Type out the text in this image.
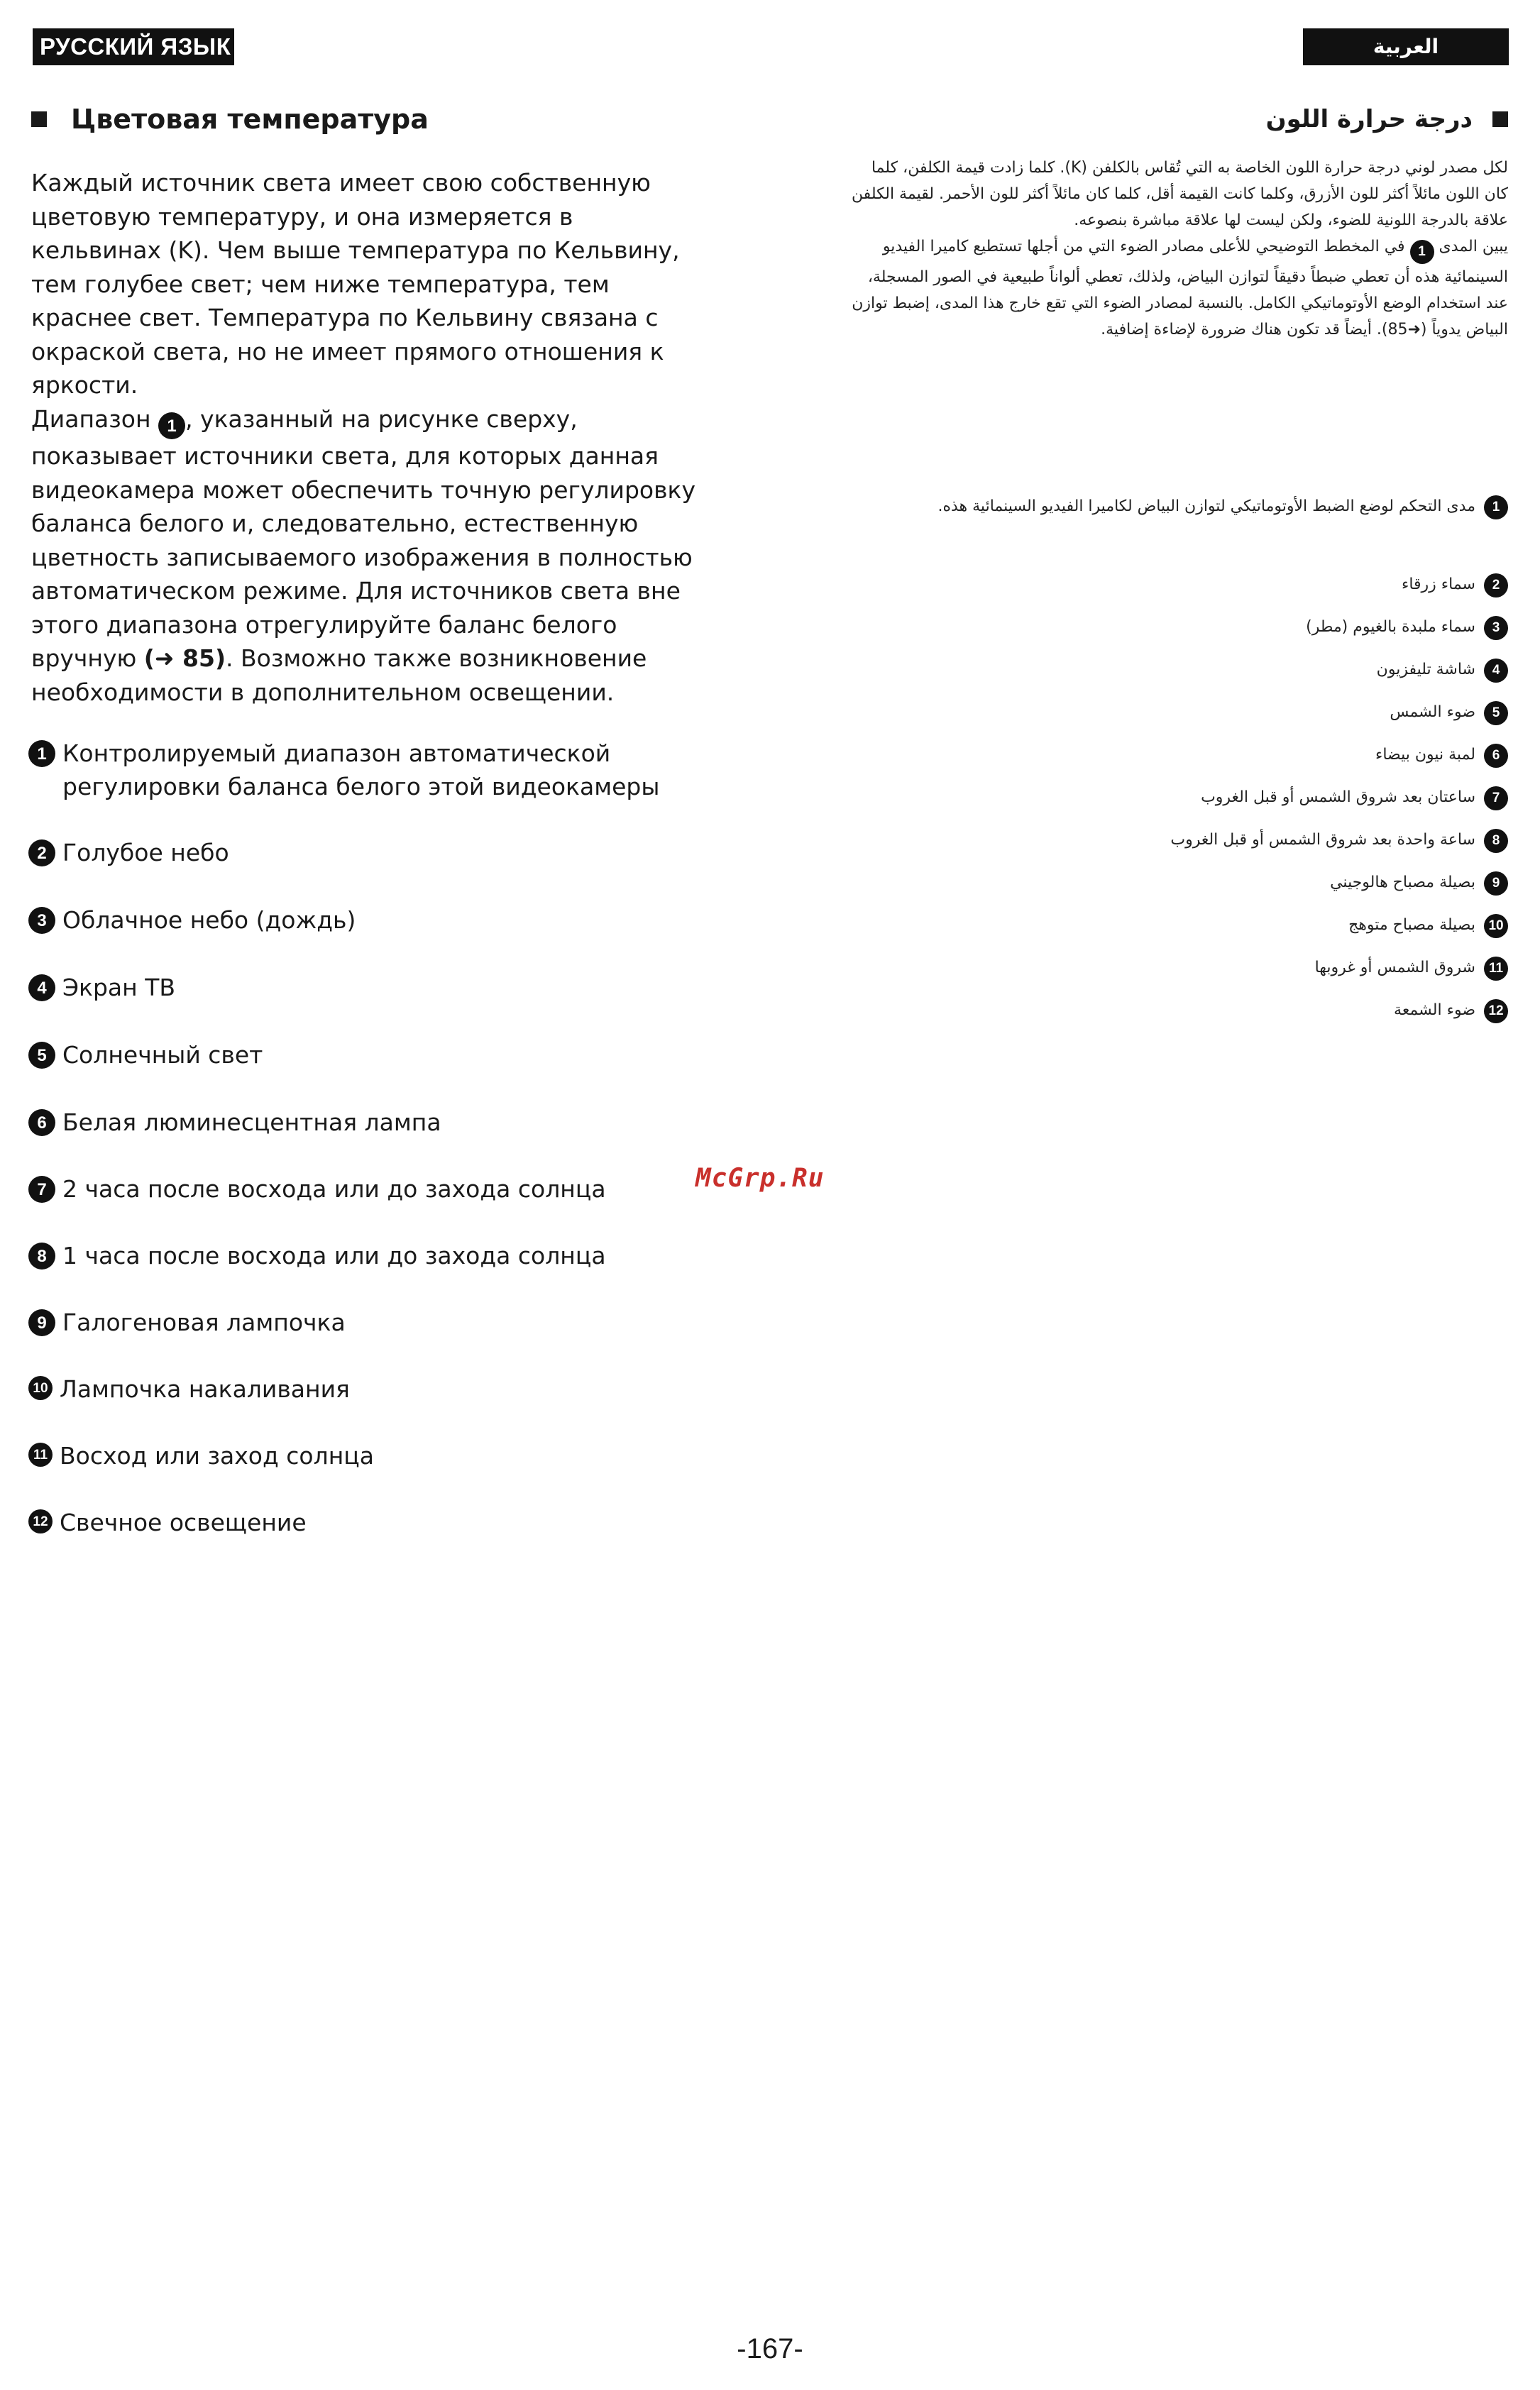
РУССКИЙ ЯЗЫК	العربية
Цветовая температура

Каждый источник света имеет свою собственную цветовую температуру, и она измеряется в кельвинах (K). Чем выше температура по Кельвину, тем голубее свет; чем ниже температура, тем краснее свет. Температура по Кельвину связана с окраской света, но не имеет прямого отношения к яркости.

Диапазон 1 , указанный на рисунке сверху, показывает источники света, для которых данная видеокамера может обеспечить точную регулировку баланса белого и, следовательно, естественную цветность записываемого изображения в полностью автоматическом режиме. Для источников света вне этого диапазона отрегулируйте баланс белого вручную (➜ 85). Возможно также возникновение необходимости в дополнительном освещении.

1 Контролируемый диапазон автоматической регулировки баланса белого этой видеокамеры
2 Голубое небо
3 Облачное небо (дождь)
4 Экран ТВ
5 Солнечный свет
6 Белая люминесцентная лампа
7 2 часа после восхода или до захода солнца
8 1 часа после восхода или до захода солнца
9 Галогеновая лампочка
10 Лампочка накаливания
11 Восход или заход солнца
12 Свечное освещение
درجة حرارة اللون

لكل مصدر لوني درجة حرارة اللون الخاصة به التي تُقاس بالكلفن (K). كلما زادت قيمة الكلفن، كلما كان اللون مائلاً أكثر للون الأزرق، وكلما كانت القيمة أقل، كلما كان مائلاً أكثر للون الأحمر. لقيمة الكلفن علاقة بالدرجة اللونية للضوء، ولكن ليست لها علاقة مباشرة بنصوعه.

يبين المدى 1 في المخطط التوضيحي للأعلى مصادر الضوء التي من أجلها تستطيع كاميرا الفيديو السينمائية هذه أن تعطي ضبطاً دقيقاً لتوازن البياض، ولذلك، تعطي ألواناً طبيعية في الصور المسجلة، عند استخدام الوضع الأوتوماتيكي الكامل. بالنسبة لمصادر الضوء التي تقع خارج هذا المدى، إضبط توازن البياض يدوياً (➜85). أيضاً قد تكون هناك ضرورة لإضاءة إضافية.

1
مدى التحكم لوضع الضبط الأوتوماتيكي لتوازن البياض لكاميرا الفيديو السينمائية هذه.
2
سماء زرقاء
3
سماء ملبدة بالغيوم (مطر)
4
شاشة تليفزيون
5
ضوء الشمس
6
لمبة نيون بيضاء
7
ساعتان بعد شروق الشمس أو قبل الغروب
8
ساعة واحدة بعد شروق الشمس أو قبل الغروب
9
بصيلة مصباح هالوجيني
10
بصيلة مصباح متوهج
11
شروق الشمس أو غروبها
12
ضوء الشمعة
McGrp.Ru
-167-
